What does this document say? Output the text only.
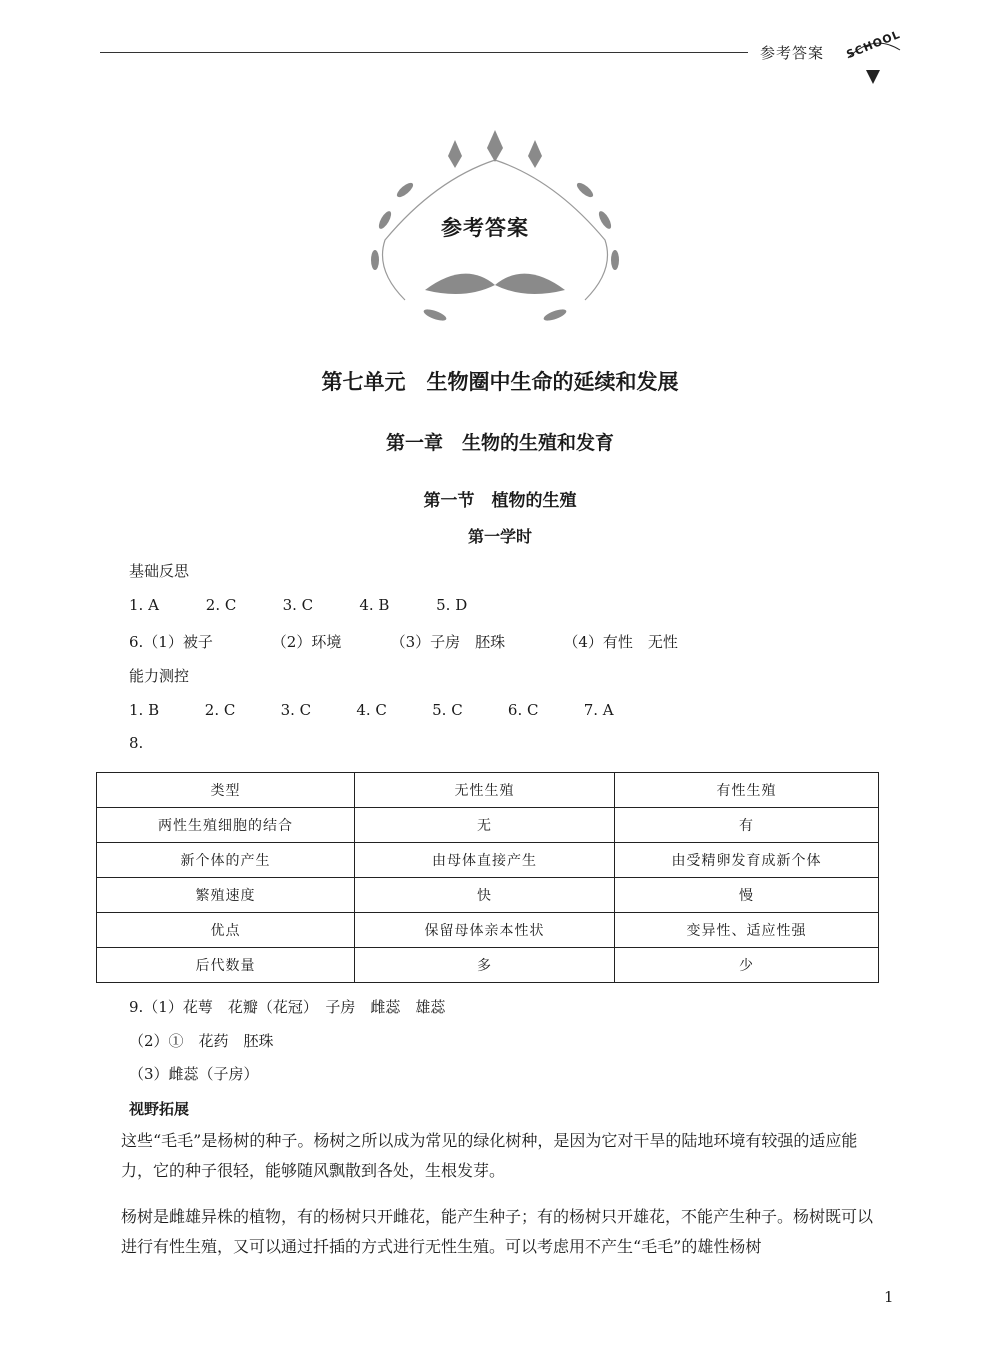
参考答案 SCHOOL
参考答案
第七单元　生物圈中生命的延续和发展
第一章　生物的生殖和发育
第一节　植物的生殖
第一学时
基础反思
1. A	2. C	3. C	4. B	5. D
6.（1）被子	（2）环境	（3）子房　胚珠	（4）有性　无性
能力测控
1. B	2. C	3. C	4. C	5. C	6. C	7. A
8.
类型	无性生殖	有性生殖
两性生殖细胞的结合	无	有
新个体的产生	由母体直接产生	由受精卵发育成新个体
繁殖速度	快	慢
优点	保留母体亲本性状	变异性、适应性强
后代数量	多	少
9.（1）花萼　花瓣（花冠）　子房　雌蕊　雄蕊
（2）①　花药　胚珠
（3）雌蕊（子房）
视野拓展

这些“毛毛”是杨树的种子。杨树之所以成为常见的绿化树种，是因为它对干旱的陆地环境有较强的适应能力，它的种子很轻，能够随风飘散到各处，生根发芽。

杨树是雌雄异株的植物，有的杨树只开雌花，能产生种子；有的杨树只开雄花，不能产生种子。杨树既可以进行有性生殖，又可以通过扦插的方式进行无性生殖。可以考虑用不产生“毛毛”的雄性杨树

1
